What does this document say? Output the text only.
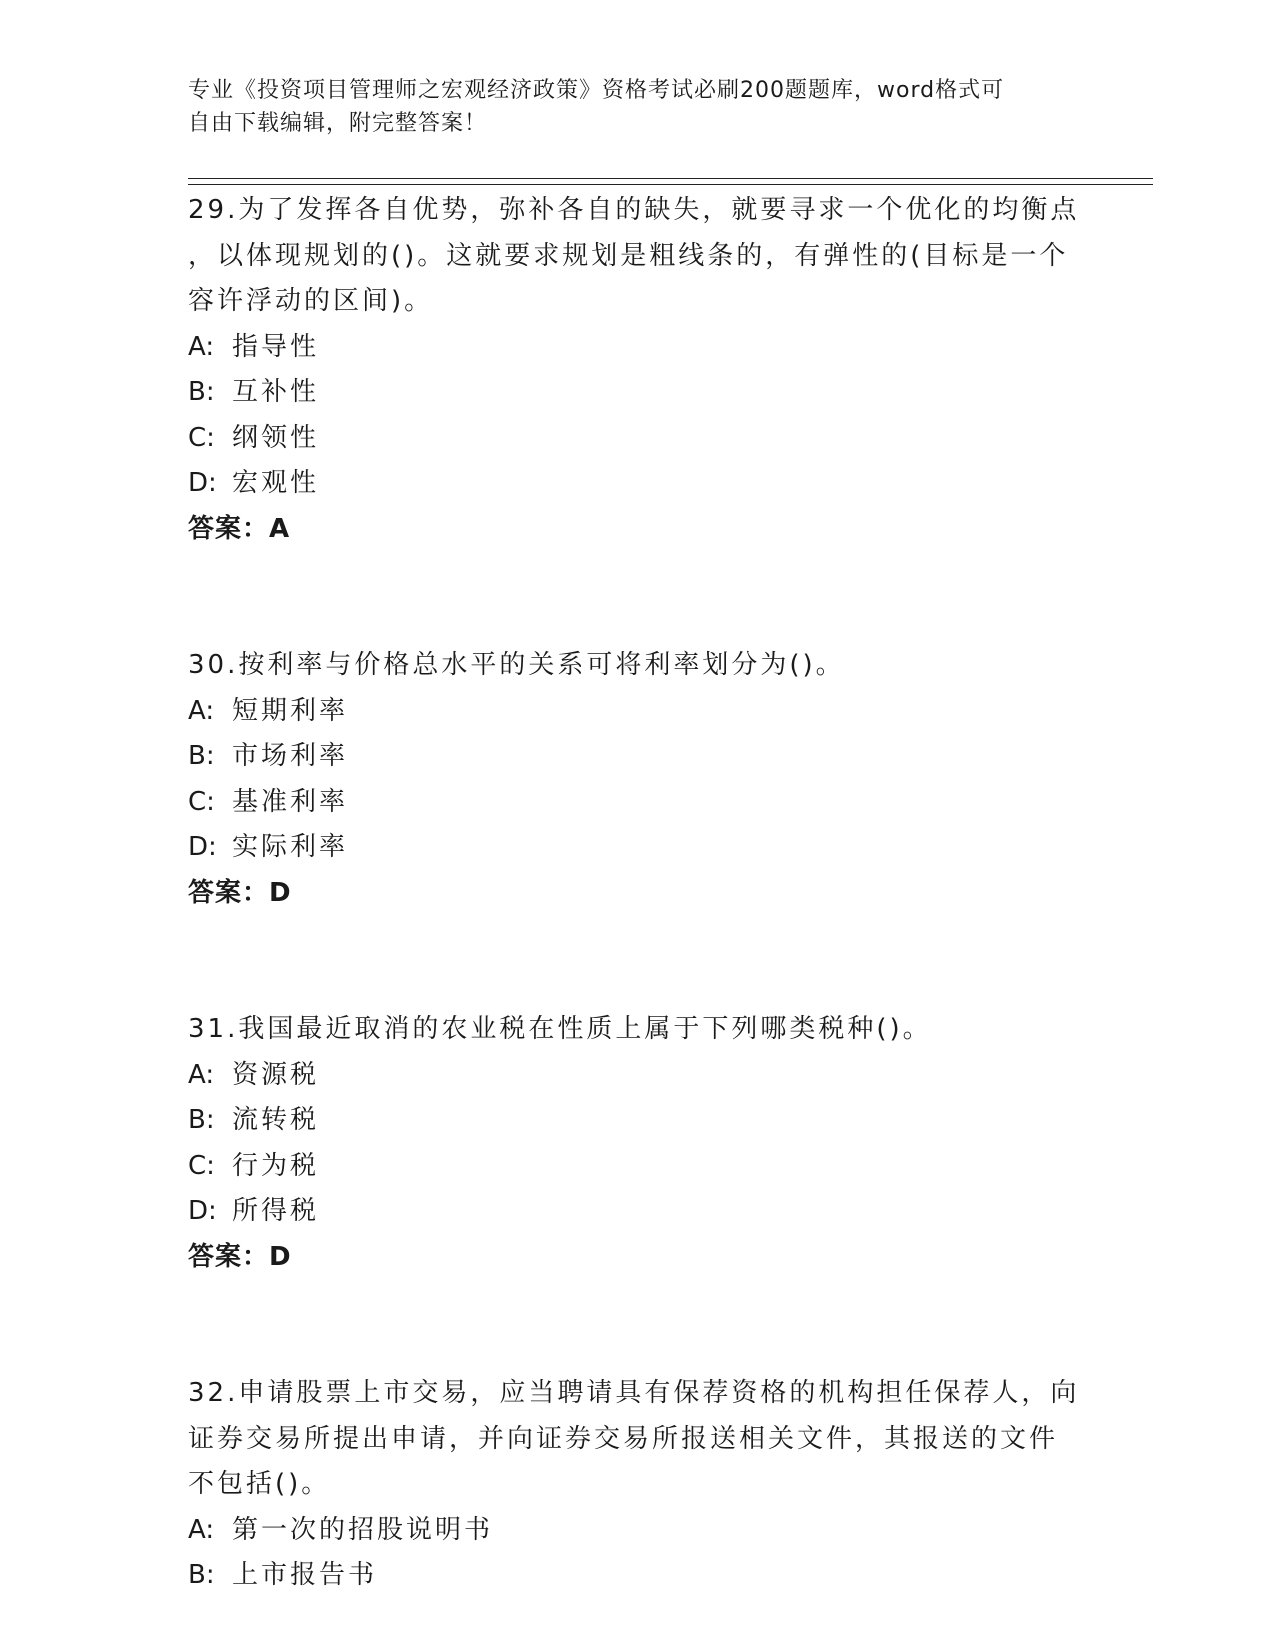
专业《投资项目管理师之宏观经济政策》资格考试必刷200题题库，word格式可
自由下载编辑，附完整答案！

29.为了发挥各自优势，弥补各自的缺失，就要寻求一个优化的均衡点

，以体现规划的()。这就要求规划是粗线条的，有弹性的(目标是一个

容许浮动的区间)。

A: 指导性

B: 互补性

C: 纲领性

D: 宏观性

答案：A

30.按利率与价格总水平的关系可将利率划分为()。

A: 短期利率

B: 市场利率

C: 基准利率

D: 实际利率

答案：D

31.我国最近取消的农业税在性质上属于下列哪类税种()。

A: 资源税

B: 流转税

C: 行为税

D: 所得税

答案：D

32.申请股票上市交易，应当聘请具有保荐资格的机构担任保荐人，向

证券交易所提出申请，并向证券交易所报送相关文件，其报送的文件

不包括()。

A: 第一次的招股说明书

B: 上市报告书
